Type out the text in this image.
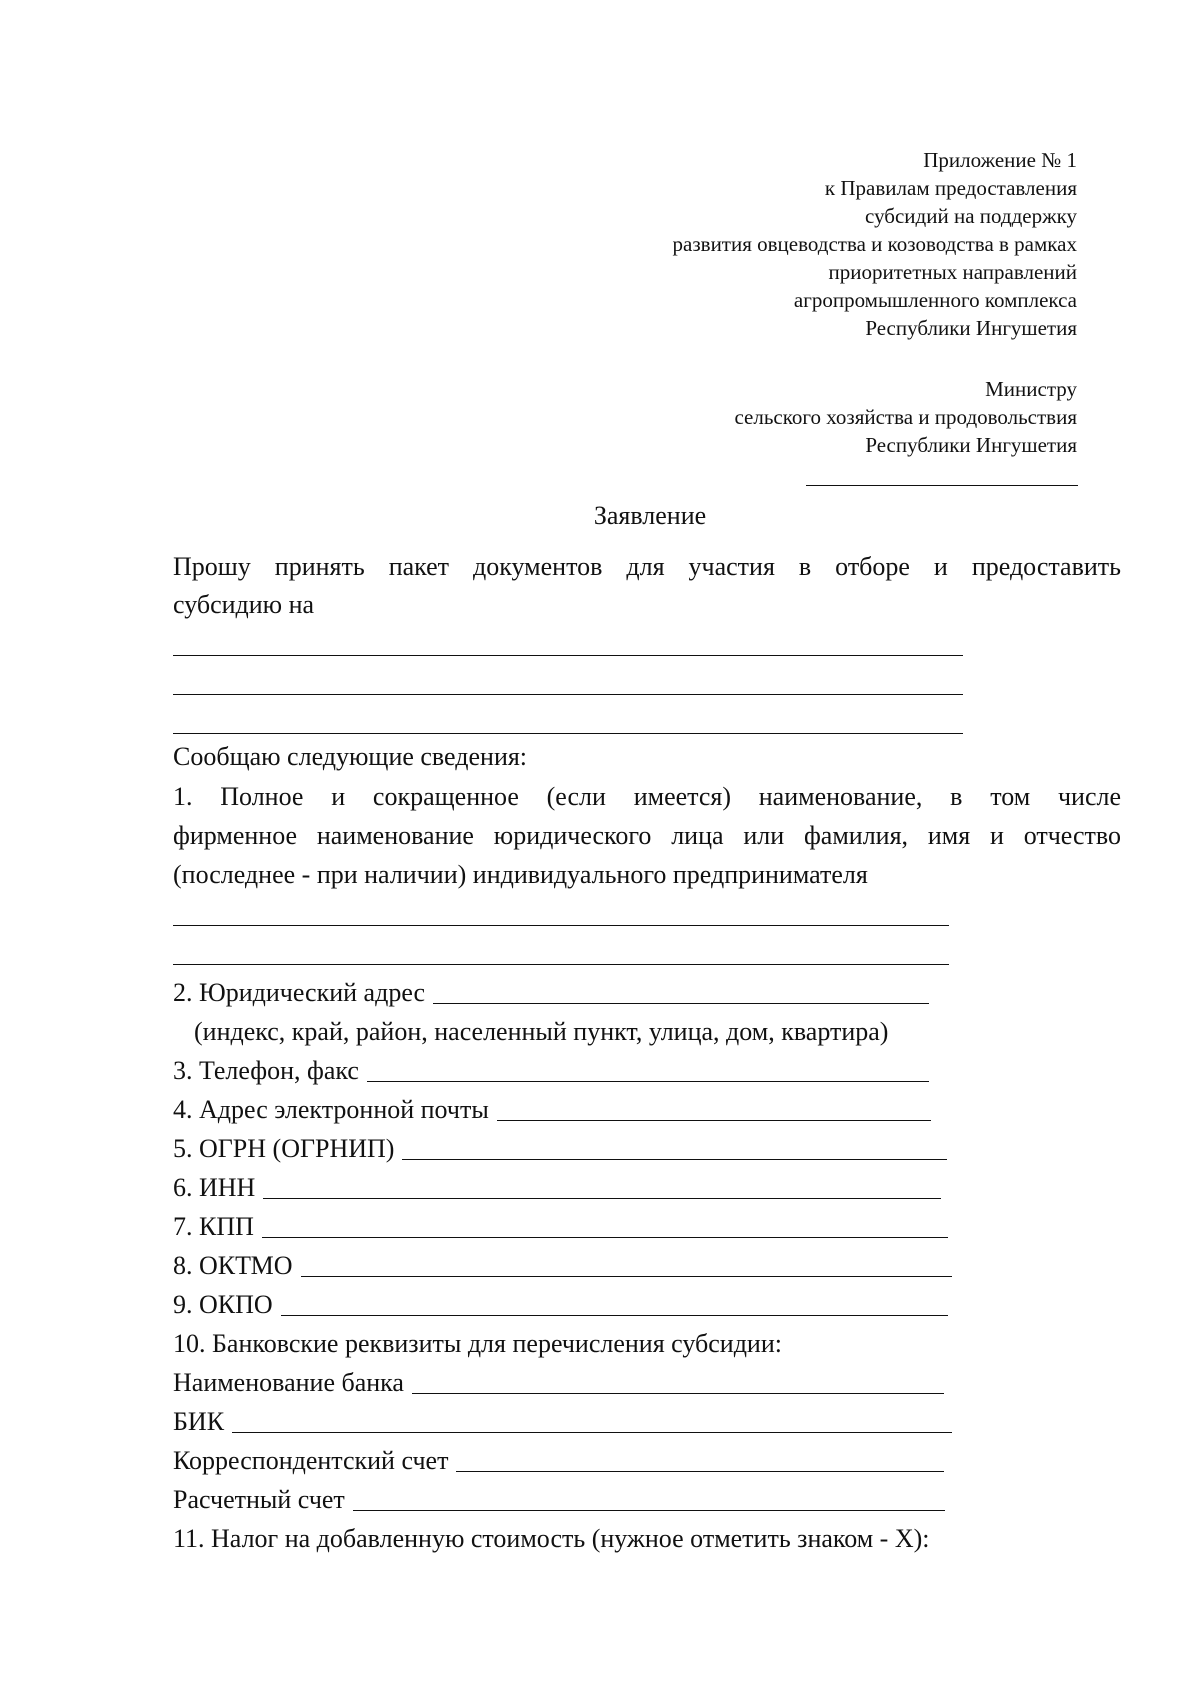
Приложение № 1
к Правилам предоставления
субсидий на поддержку
развития овцеводства и козоводства в рамках
приоритетных направлений
агропромышленного комплекса
Республики Ингушетия
Министру
сельского хозяйства и продовольствия
Республики Ингушетия
Заявление
Прошу принять пакет документов для участия в отборе и предоставить
субсидию на
Сообщаю следующие сведения:
1. Полное и сокращенное (если имеется) наименование, в том числе
фирменное наименование юридического лица или фамилия, имя и отчество
(последнее - при наличии) индивидуального предпринимателя
2. Юридический адрес
(индекс, край, район, населенный пункт, улица, дом, квартира)
3. Телефон, факс
4. Адрес электронной почты
5. ОГРН (ОГРНИП)
6. ИНН
7. КПП
8. ОКТМО
9. ОКПО
10. Банковские реквизиты для перечисления субсидии:
Наименование банка
БИК
Корреспондентский счет
Расчетный счет
11. Налог на добавленную стоимость (нужное отметить знаком - Х):
